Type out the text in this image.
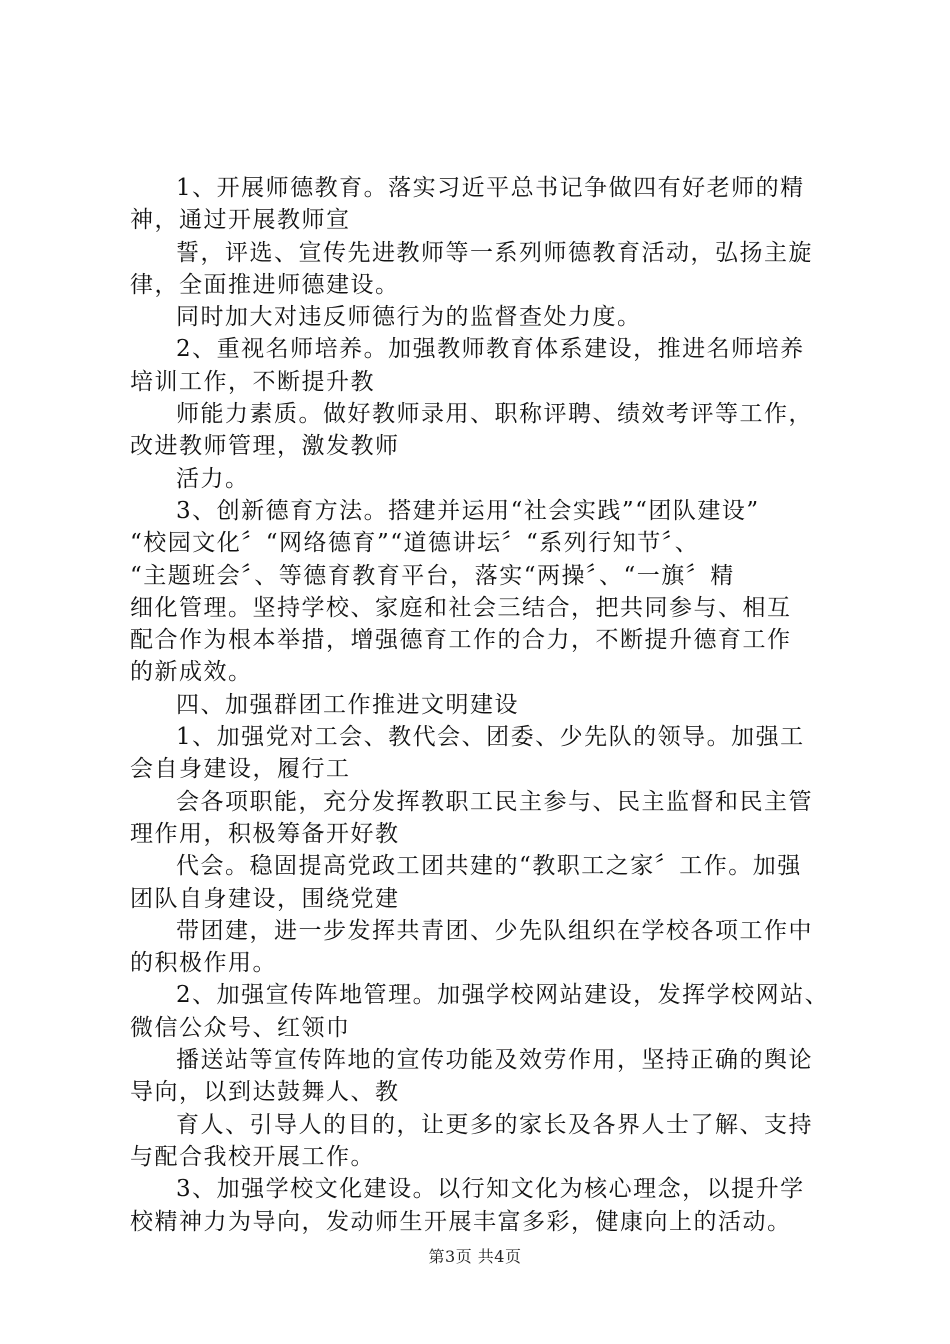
1、开展师德教育。落实习近平总书记争做四有好老师的精
神，通过开展教师宣
誓，评选、宣传先进教师等一系列师德教育活动，弘扬主旋
律，全面推进师德建设。
同时加大对违反师德行为的监督查处力度。
2、重视名师培养。加强教师教育体系建设，推进名师培养
培训工作，不断提升教
师能力素质。做好教师录用、职称评聘、绩效考评等工作，
改进教师管理，激发教师
活力。
3、创新德育方法。搭建并运用“社会实践”“团队建设”
“校园文化〞“网络德育”“道德讲坛〞“系列行知节〞、
“主题班会〞、等德育教育平台，落实“两操〞、“一旗〞精
细化管理。坚持学校、家庭和社会三结合，把共同参与、相互
配合作为根本举措，增强德育工作的合力，不断提升德育工作
的新成效。
四、加强群团工作推进文明建设
1、加强党对工会、教代会、团委、少先队的领导。加强工
会自身建设，履行工
会各项职能，充分发挥教职工民主参与、民主监督和民主管
理作用，积极筹备开好教
代会。稳固提高党政工团共建的“教职工之家〞工作。加强
团队自身建设，围绕党建
带团建，进一步发挥共青团、少先队组织在学校各项工作中
的积极作用。
2、加强宣传阵地管理。加强学校网站建设，发挥学校网站、
微信公众号、红领巾
播送站等宣传阵地的宣传功能及效劳作用，坚持正确的舆论
导向，以到达鼓舞人、教
育人、引导人的目的，让更多的家长及各界人士了解、支持
与配合我校开展工作。
3、加强学校文化建设。以行知文化为核心理念，以提升学
校精神力为导向，发动师生开展丰富多彩，健康向上的活动。
第3页 共4页
